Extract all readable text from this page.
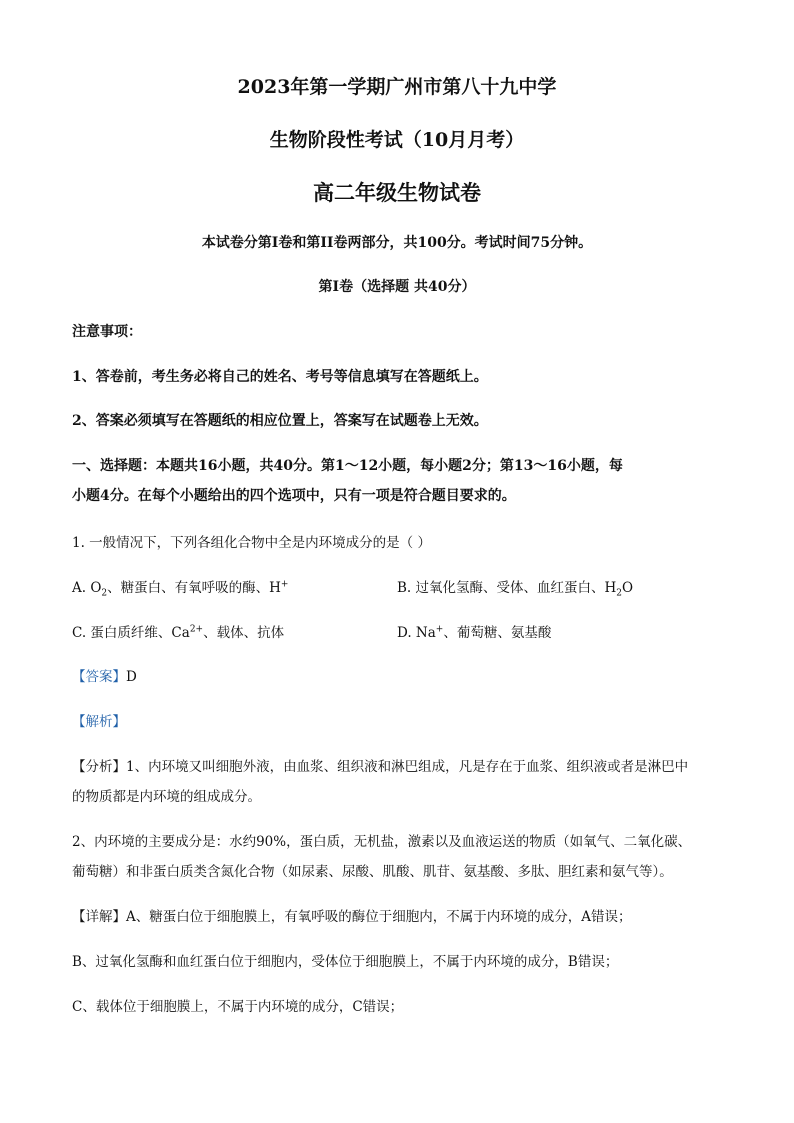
2023年第一学期广州市第八十九中学
生物阶段性考试（10月月考）
高二年级生物试卷
本试卷分第I卷和第II卷两部分，共100分。考试时间75分钟。
第I卷（选择题 共40分）
注意事项：
1、答卷前，考生务必将自己的姓名、考号等信息填写在答题纸上。
2、答案必须填写在答题纸的相应位置上，答案写在试题卷上无效。
一、选择题：本题共16小题，共40分。第1～12小题，每小题2分；第13～16小题，每
小题4分。在每个小题给出的四个选项中，只有一项是符合题目要求的。
1. 一般情况下，下列各组化合物中全是内环境成分的是（ ）
A. $O_2$、糖蛋白、有氧呼吸的酶、H+	B. 过氧化氢酶、受体、血红蛋白、$H_2O$
C. 蛋白质纤维、$Ca^{2+}$、载体、抗体	D. Na+、葡萄糖、氨基酸
【答案】D
【解析】
【分析】1、内环境又叫细胞外液，由血浆、组织液和淋巴组成，凡是存在于血浆、组织液或者是淋巴中
的物质都是内环境的组成成分。
2、内环境的主要成分是：水约90%，蛋白质，无机盐，激素以及血液运送的物质（如氧气、二氧化碳、
葡萄糖）和非蛋白质类含氮化合物（如尿素、尿酸、肌酸、肌苷、氨基酸、多肽、胆红素和氨气等）。
【详解】A、糖蛋白位于细胞膜上，有氧呼吸的酶位于细胞内，不属于内环境的成分，A错误；
B、过氧化氢酶和血红蛋白位于细胞内，受体位于细胞膜上，不属于内环境的成分，B错误；
C、载体位于细胞膜上，不属于内环境的成分，C错误；
